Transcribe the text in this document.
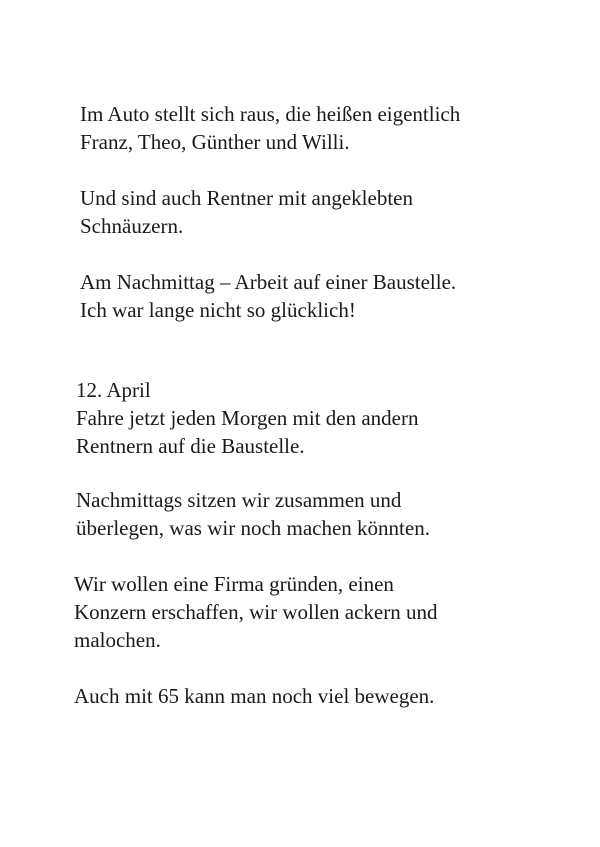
Im Auto stellt sich raus, die heißen eigentlich

Franz, Theo, Günther und Willi.

Und sind auch Rentner mit angeklebten

Schnäuzern.

Am Nachmittag – Arbeit auf einer Baustelle.

Ich war lange nicht so glücklich!

12. April

Fahre jetzt jeden Morgen mit den andern

Rentnern auf die Baustelle.

Nachmittags sitzen wir zusammen und

überlegen, was wir noch machen könnten.

Wir wollen eine Firma gründen, einen

Konzern erschaffen, wir wollen ackern und

malochen.

Auch mit 65 kann man noch viel bewegen.
